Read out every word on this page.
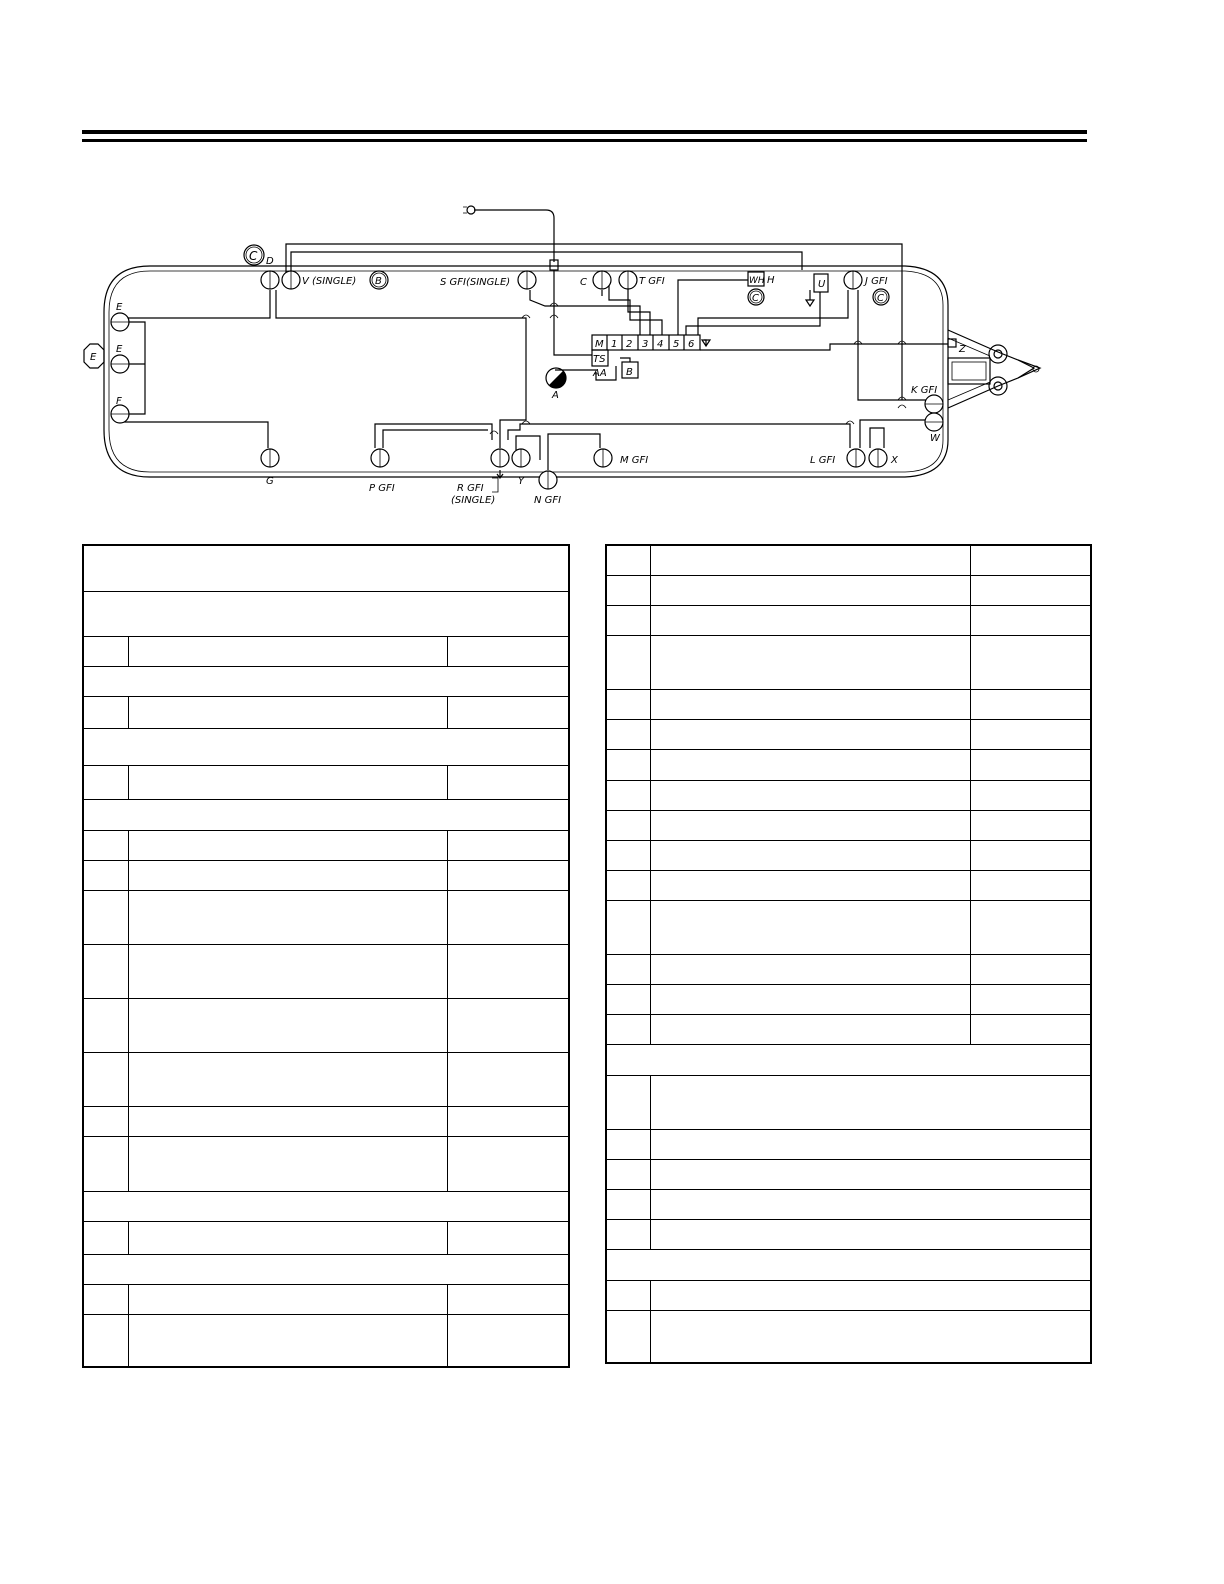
C D
V (SINGLE) B	S GFI(SINGLE)	C	T GFI	WH H
C
U	J GFI
C
E
E
E
F
M 1 2 3 4 5 6
TS
AA B
A
Z
K GFI
W
G
P GFI	R GFI
(SINGLE)
Y
N GFI
M GFI	L GFI	X
